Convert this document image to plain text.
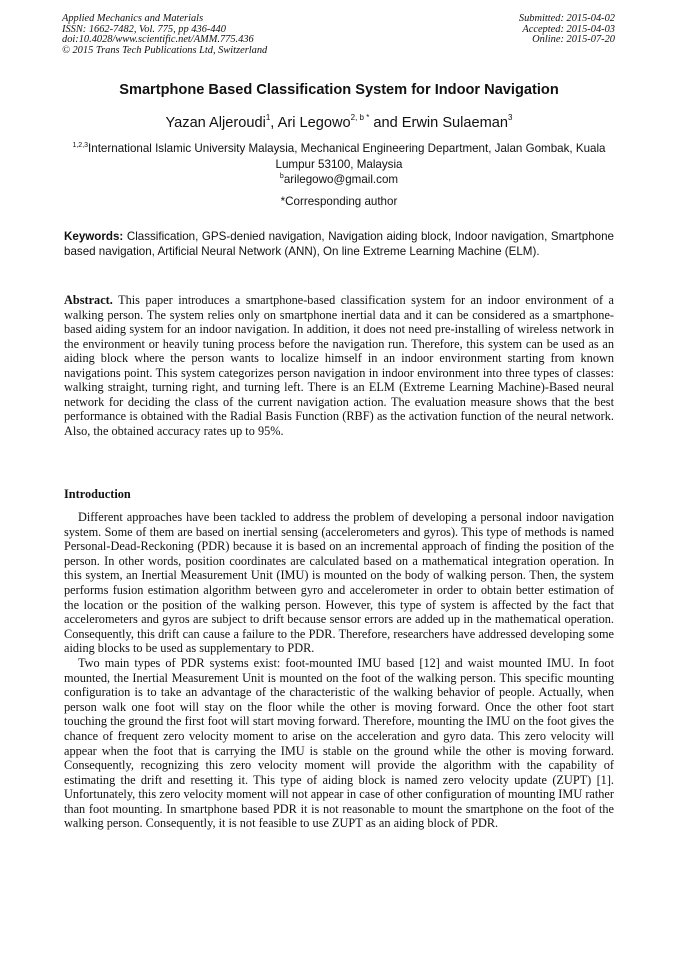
Applied Mechanics and Materials
ISSN: 1662-7482, Vol. 775, pp 436-440
doi:10.4028/www.scientific.net/AMM.775.436
© 2015 Trans Tech Publications Ltd, Switzerland
Submitted: 2015-04-02
Accepted: 2015-04-03
Online: 2015-07-20
Smartphone Based Classification System for Indoor Navigation
Yazan Aljeroudi$^1$, Ari Legowo$^{2, b *}$ and Erwin Sulaeman$^3$
$^{1,2,3}$International Islamic University Malaysia, Mechanical Engineering Department, Jalan Gombak, Kuala Lumpur 53100, Malaysia
$^b$arilegowo@gmail.com
*Corresponding author
Keywords: Classification, GPS-denied navigation, Navigation aiding block, Indoor navigation, Smartphone based navigation, Artificial Neural Network (ANN), On line Extreme Learning Machine (ELM).
Abstract. This paper introduces a smartphone-based classification system for an indoor environment of a walking person. The system relies only on smartphone inertial data and it can be considered as a smartphone-based aiding system for an indoor navigation. In addition, it does not need pre-installing of wireless network in the environment or heavily tuning process before the navigation run. Therefore, this system can be used as an aiding block where the person wants to localize himself in an indoor environment starting from known navigations point. This system categorizes person navigation in indoor environment into three types of classes: walking straight, turning right, and turning left. There is an ELM (Extreme Learning Machine)-Based neural network for deciding the class of the current navigation action. The evaluation measure shows that the best performance is obtained with the Radial Basis Function (RBF) as the activation function of the neural network. Also, the obtained accuracy rates up to 95%.
Introduction

Different approaches have been tackled to address the problem of developing a personal indoor navigation system. Some of them are based on inertial sensing (accelerometers and gyros). This type of methods is named Personal-Dead-Reckoning (PDR) because it is based on an incremental approach of finding the position of the person. In other words, position coordinates are calculated based on a mathematical integration operation. In this system, an Inertial Measurement Unit (IMU) is mounted on the body of walking person. Then, the system performs fusion estimation algorithm between gyro and accelerometer in order to obtain better estimation of the location or the position of the walking person. However, this type of system is affected by the fact that accelerometers and gyros are subject to drift because sensor errors are added up in the mathematical operation. Consequently, this drift can cause a failure to the PDR. Therefore, researchers have addressed developing some aiding blocks to be used as supplementary to PDR.

Two main types of PDR systems exist: foot-mounted IMU based [12] and waist mounted IMU. In foot mounted, the Inertial Measurement Unit is mounted on the foot of the walking person. This specific mounting configuration is to take an advantage of the characteristic of the walking behavior of people. Actually, when person walk one foot will stay on the floor while the other is moving forward. Once the other foot start touching the ground the first foot will start moving forward. Therefore, mounting the IMU on the foot gives the chance of frequent zero velocity moment to arise on the acceleration and gyro data. This zero velocity will appear when the foot that is carrying the IMU is stable on the ground while the other is moving forward. Consequently, recognizing this zero velocity moment will provide the algorithm with the capability of estimating the drift and resetting it. This type of aiding block is named zero velocity update (ZUPT) [1]. Unfortunately, this zero velocity moment will not appear in case of other configuration of mounting IMU rather than foot mounting. In smartphone based PDR it is not reasonable to mount the smartphone on the foot of the walking person. Consequently, it is not feasible to use ZUPT as an aiding block of PDR.
